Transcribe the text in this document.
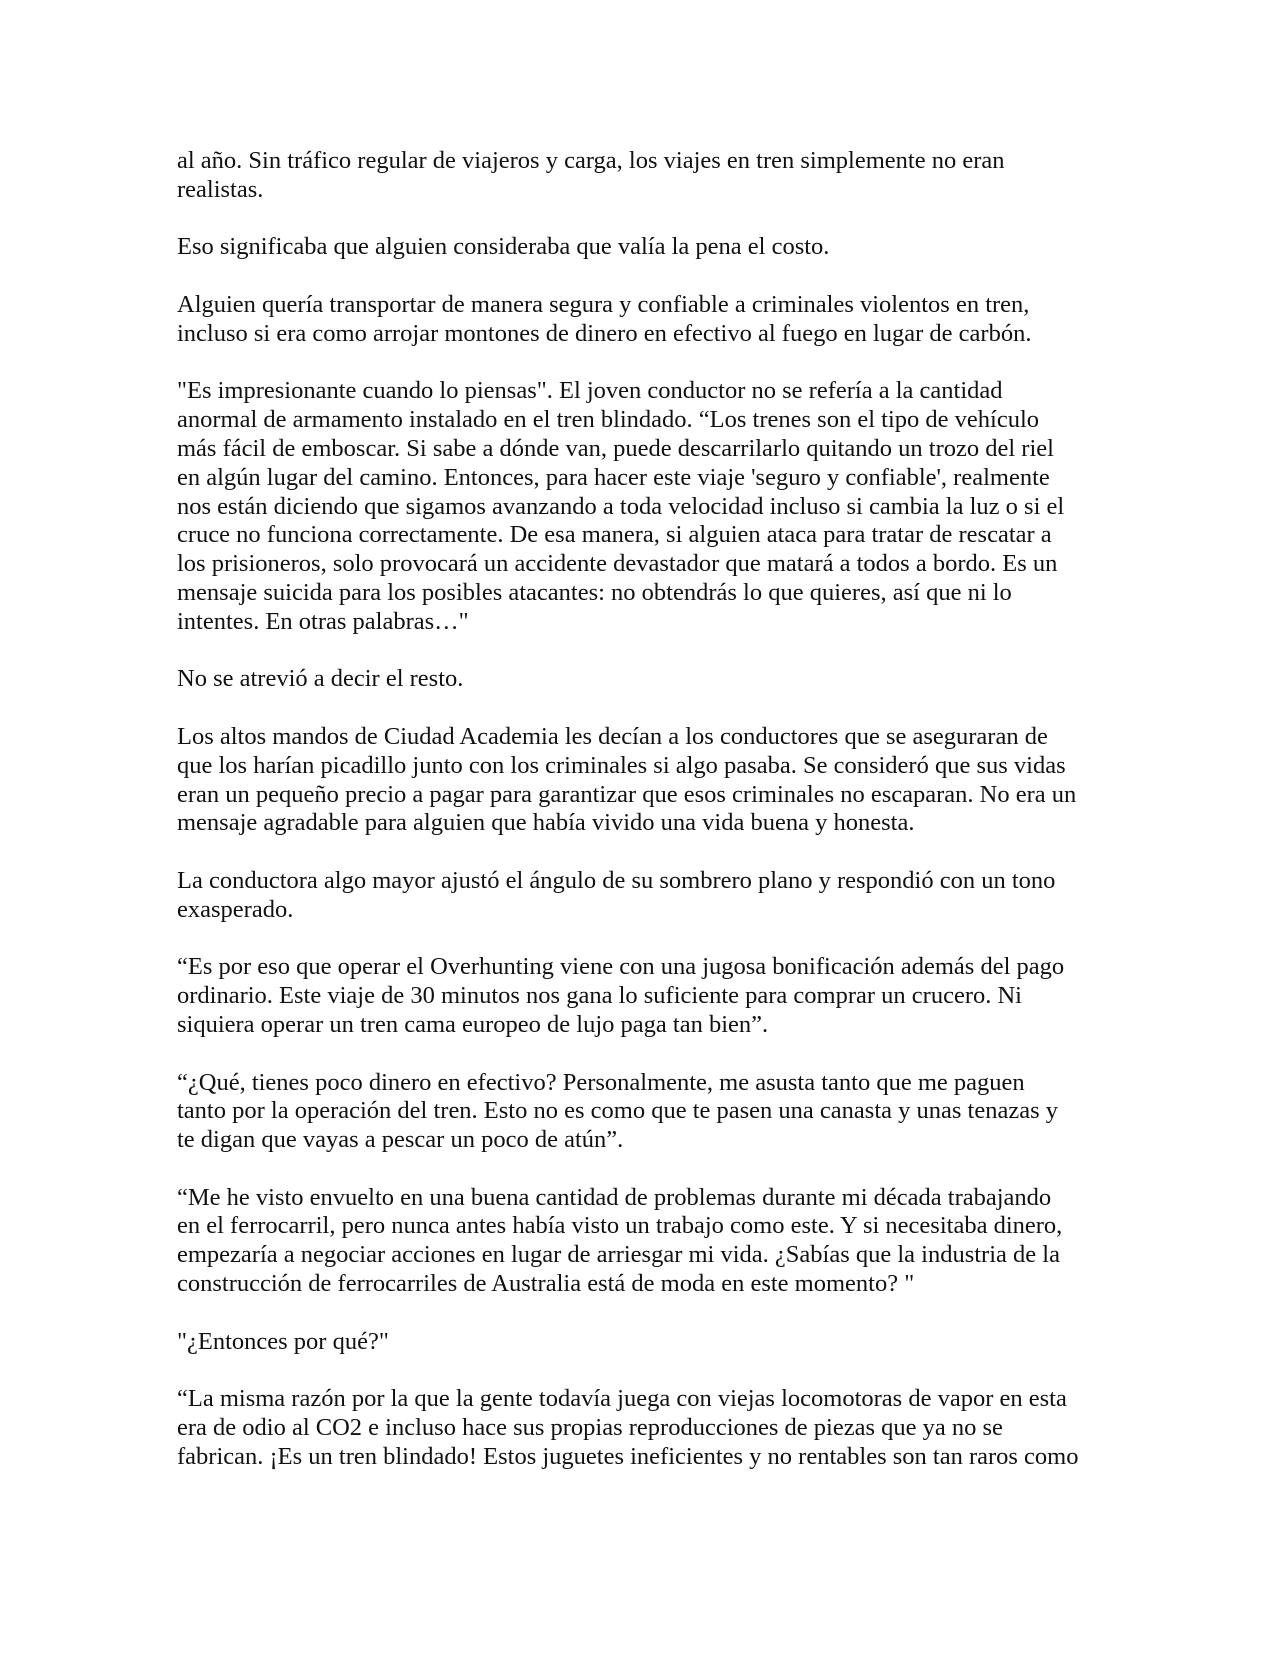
al año. Sin tráfico regular de viajeros y carga, los viajes en tren simplemente no eran
realistas.

Eso significaba que alguien consideraba que valía la pena el costo.

Alguien quería transportar de manera segura y confiable a criminales violentos en tren,
incluso si era como arrojar montones de dinero en efectivo al fuego en lugar de carbón.

"Es impresionante cuando lo piensas". El joven conductor no se refería a la cantidad
anormal de armamento instalado en el tren blindado. “Los trenes son el tipo de vehículo
más fácil de emboscar. Si sabe a dónde van, puede descarrilarlo quitando un trozo del riel
en algún lugar del camino. Entonces, para hacer este viaje 'seguro y confiable', realmente
nos están diciendo que sigamos avanzando a toda velocidad incluso si cambia la luz o si el
cruce no funciona correctamente. De esa manera, si alguien ataca para tratar de rescatar a
los prisioneros, solo provocará un accidente devastador que matará a todos a bordo. Es un
mensaje suicida para los posibles atacantes: no obtendrás lo que quieres, así que ni lo
intentes. En otras palabras…"

No se atrevió a decir el resto.

Los altos mandos de Ciudad Academia les decían a los conductores que se aseguraran de
que los harían picadillo junto con los criminales si algo pasaba. Se consideró que sus vidas
eran un pequeño precio a pagar para garantizar que esos criminales no escaparan. No era un
mensaje agradable para alguien que había vivido una vida buena y honesta.

La conductora algo mayor ajustó el ángulo de su sombrero plano y respondió con un tono
exasperado.

“Es por eso que operar el Overhunting viene con una jugosa bonificación además del pago
ordinario. Este viaje de 30 minutos nos gana lo suficiente para comprar un crucero. Ni
siquiera operar un tren cama europeo de lujo paga tan bien”.

“¿Qué, tienes poco dinero en efectivo? Personalmente, me asusta tanto que me paguen
tanto por la operación del tren. Esto no es como que te pasen una canasta y unas tenazas y
te digan que vayas a pescar un poco de atún”.

“Me he visto envuelto en una buena cantidad de problemas durante mi década trabajando
en el ferrocarril, pero nunca antes había visto un trabajo como este. Y si necesitaba dinero,
empezaría a negociar acciones en lugar de arriesgar mi vida. ¿Sabías que la industria de la
construcción de ferrocarriles de Australia está de moda en este momento? "

"¿Entonces por qué?"

“La misma razón por la que la gente todavía juega con viejas locomotoras de vapor en esta
era de odio al CO2 e incluso hace sus propias reproducciones de piezas que ya no se
fabrican. ¡Es un tren blindado! Estos juguetes ineficientes y no rentables son tan raros como
